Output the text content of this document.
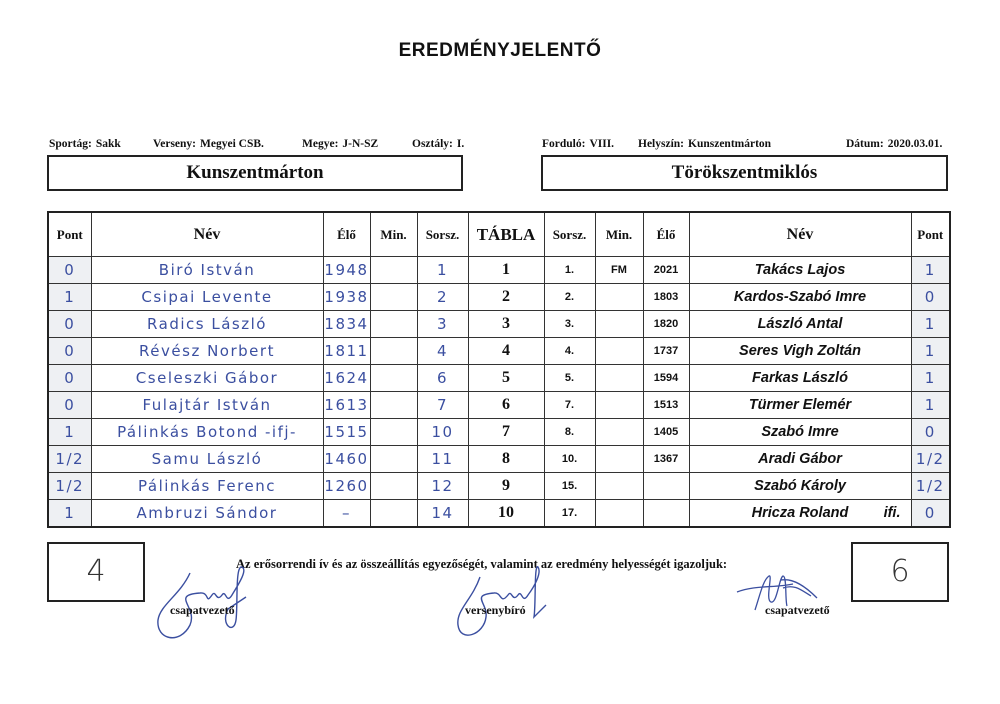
EREDMÉNYJELENTŐ
Sportág: Sakk	Verseny: Megyei CSB.	Megye: J-N-SZ	Osztály: I.	Forduló: VIII. Helyszín: Kunszentmárton	Dátum: 2020.03.01.
Kunszentmárton	Törökszentmiklós
Pont	Név	Élő	Min.	Sorsz.	TÁBLA	Sorsz.	Min.	Élő	Név	Pont
0	Biró István	1948		1	1	1.	FM	2021	Takács Lajos	1
1	Csipai Levente	1938		2	2	2.		1803	Kardos-Szabó Imre	0
0	Radics László	1834		3	3	3.		1820	László Antal	1
0	Révész Norbert	1811		4	4	4.		1737	Seres Vigh Zoltán	1
0	Cseleszki Gábor	1624		6	5	5.		1594	Farkas László	1
0	Fulajtár István	1613		7	6	7.		1513	Türmer Elemér	1
1	Pálinkás Botond -ifj-	1515		10	7	8.		1405	Szabó Imre	0
1/2	Samu László	1460		11	8	10.		1367	Aradi Gábor	1/2
1/2	Pálinkás Ferenc	1260		12	9	15.			Szabó Károly	1/2
1	Ambruzi Sándor	–		14	10	17.			Hricza Roland ifi.	0
4	6
Az erősorrendi ív és az összeállítás egyezőségét, valamint az eredmény helyességét igazoljuk:
csapatvezető	versenybíró	csapatvezető
